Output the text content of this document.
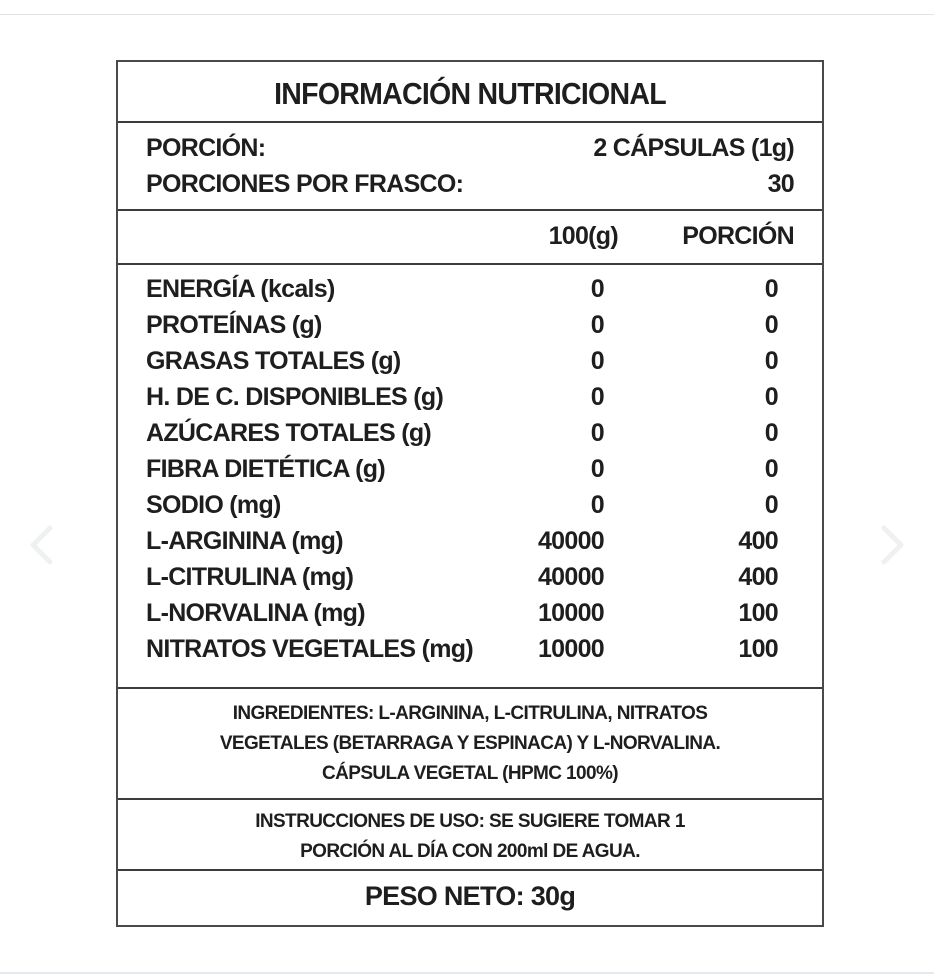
INFORMACIÓN NUTRICIONAL
PORCIÓN:	2 CÁPSULAS (1g)
PORCIONES POR FRASCO:	30
100(g)	PORCIÓN
ENERGÍA (kcals)	0	0
PROTEÍNAS (g)	0	0
GRASAS TOTALES (g)	0	0
H. DE C. DISPONIBLES (g)	0	0
AZÚCARES TOTALES (g)	0	0
FIBRA DIETÉTICA (g)	0	0
SODIO (mg)	0	0
L-ARGININA (mg)	40000	400
L-CITRULINA (mg)	40000	400
L-NORVALINA (mg)	10000	100
NITRATOS VEGETALES (mg)	10000	100
INGREDIENTES: L-ARGININA, L-CITRULINA, NITRATOS
VEGETALES (BETARRAGA Y ESPINACA) Y L-NORVALINA.
CÁPSULA VEGETAL (HPMC 100%)
INSTRUCCIONES DE USO: SE SUGIERE TOMAR 1
PORCIÓN AL DÍA CON 200ml DE AGUA.
PESO NETO: 30g
